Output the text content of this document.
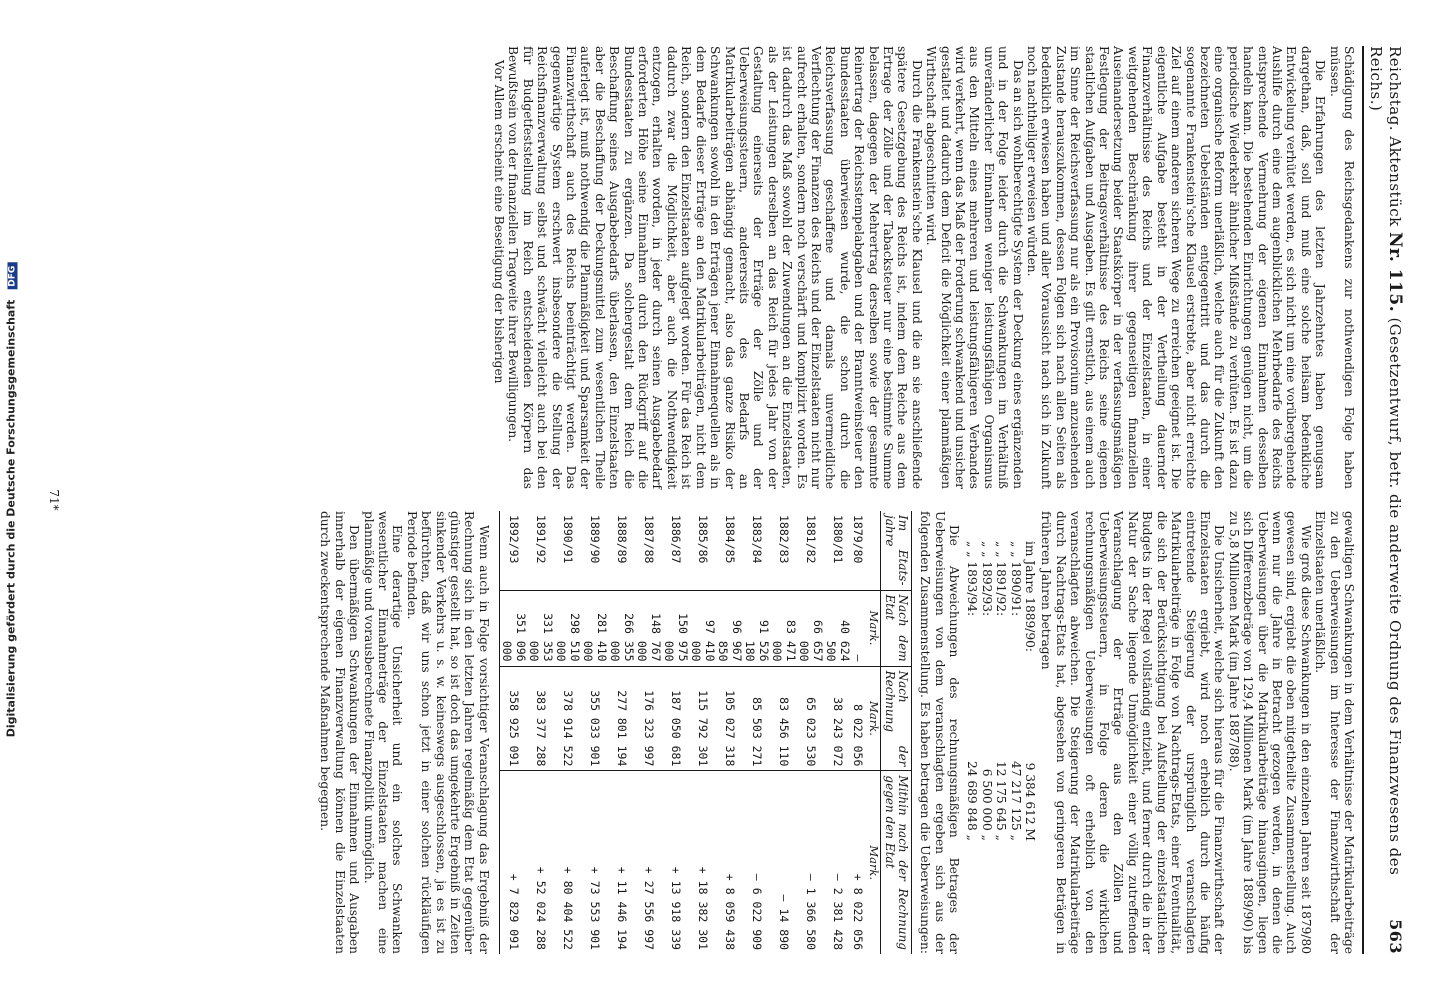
Digitalisierung gefördert durch die Deutsche Forschungsgemeinschaft DFG
Reichstag. Aktenstück Nr. 115. (Gesetzentwurf, betr. die anderweite Ordnung des Finanzwesens des Reichs.)
563

Schädigung des Reichsgedankens zur nothwendigen Folge haben müssen.

Die Erfahrungen des letzten Jahrzehntes haben genugsam dargethan, daß, soll und muß eine solche heilsam bedenkliche Entwickelung verhütet werden, es sich nicht um eine vorübergehende Aushilfe durch eine dem augenblicklichen Mehrbedarfe des Reichs entsprechende Vermehrung der eigenen Einnahmen desselben handeln kann. Die bestehenden Einrichtungen genügen nicht, um die periodische Wiederkehr ähnlicher Mißstände zu verhüten. Es ist dazu eine organische Reform unerläßlich, welche auch für die Zukunft den bezeichneten Uebelständen entgegentritt und das durch die sogenannte Frankenstein'sche Klausel erstrebte, aber nicht erreichte Ziel auf einem anderen sicheren Wege zu erreichen geeignet ist. Die eigentliche Aufgabe besteht in der Vertheilung dauernder Finanzverhältnisse des Reichs und der Einzelstaaten, in einer weitgehenden Beschränkung ihrer gegenseitigen finanziellen Auseinandersetzung beider Staatskörper in der verfassungsmäßigen Festlegung der Beitragsverhältnisse des Reichs seine eigenen staatlichen Aufgaben und Ausgaben. Es gilt ernstlich, aus einem auch im Sinne der Reichsverfassung nur als ein Provisorium anzusehenden Zustande herauszukommen, dessen Folgen sich nach allen Seiten als bedenklich erwiesen haben und aller Voraussicht nach sich in Zukunft noch nachtheiliger erweisen würden.

Das an sich wohlberechtigte System der Deckung eines ergänzenden und in der Folge leider durch die Schwankungen im Verhältniß unveränderlicher Einnahmen weniger leistungsfähigen Organismus aus den Mitteln eines mehreren und leistungsfähigeren Verbandes wird verkehrt, wenn das Maß der Forderung schwankend und unsicher gestaltet und dadurch dem Deficit die Möglichkeit einer planmäßigen Wirthschaft abgeschnitten wird.

Durch die Frankenstein'sche Klausel und die an sie anschließende spätere Gesetzgebung des Reichs ist, indem dem Reiche aus dem Ertrage der Zölle und der Tabacksteuer nur eine bestimmte Summe belassen, dagegen der Mehrertrag derselben sowie der gesammte Reinertrag der Reichsstempelabgaben und der Branntweinsteuer den Bundesstaaten überwiesen wurde, die schon durch die Reichsverfassung geschaffene und damals unvermeidliche Verflechtung der Finanzen des Reichs und der Einzelstaaten nicht nur aufrecht erhalten, sondern noch verschärft und komplizirt worden. Es ist dadurch das Maß sowohl der Zuwendungen an die Einzelstaaten, als der Leistungen derselben an das Reich für jedes Jahr von der Gestaltung einerseits der Erträge der Zölle und der Ueberweisungssteuern, andererseits des Bedarfs an Matrikularbeiträgen abhängig gemacht, also das ganze Risiko der Schwankungen sowohl in den Erträgen jener Einnahmequellen als in dem Bedarfe dieser Erträge an den Matrikularbeiträgen, nicht dem Reich, sondern den Einzelstaaten aufgelegt worden. Für das Reich ist dadurch zwar die Möglichkeit, aber auch die Nothwendigkeit entzogen, erhalten worden, in jeder durch seinen Ausgabebedarf erforderten Höhe seine Einnahmen durch den Rückgriff auf die Bundesstaaten zu ergänzen. Da solchergestalt dem Reich die Beschaffung seines Ausgabebedarfs überlassen, den Einzelstaaten aber die Beschaffung der Deckungsmittel zum wesentlichen Theile auferlegt ist, muß nothwendig die Planmäßigkeit und Sparsamkeit der Finanzwirthschaft auch des Reichs beeinträchtigt werden. Das gegenwärtige System erschwert insbesondere die Stellung der Reichsfinanzverwaltung selbst und schwächt vielleicht auch bei den für Budgetfeststellung im Reich entscheidenden Körpern das Bewußtsein von der finanziellen Tragweite ihrer Bewilligungen.

Vor Allem erscheint eine Beseitigung der bisherigen

gewaltigen Schwankungen in dem Verhältnisse der Matrikularbeiträge zu den Ueberweisungen im Interesse der Finanzwirthschaft der Einzelstaaten unerläßlich.

Wie groß diese Schwankungen in den einzelnen Jahren seit 1879/80 gewesen sind, ergiebt die oben mitgetheilte Zusammenstellung. Auch wenn nur die Jahre in Betracht gezogen werden, in denen die Ueberweisungen über die Matrikularbeiträge hinausgingen, liegen sich Differenzbeträge von 129,4 Millionen Mark (im Jahre 1889/90) bis zu 5,8 Millionen Mark (im Jahre 1887/88).

Die Unsicherheit, welche sich hieraus für die Finanzwirthschaft der Einzelstaaten ergiebt, wird noch erheblich durch die häufig eintretende Steigerung der ursprünglich veranschlagten Matrikularbeiträge in Folge von Nachtrags-Etats, einer Eventualität, die sich der Berücksichtigung bei Aufstellung der einzelstaatlichen Budgets in der Regel vollständig entzieht, und ferner durch die in der Natur der Sache liegende Unmöglichkeit einer völlig zutreffenden Veranschlagung der Erträge aus den Zöllen und Ueberweisungssteuern, in Folge deren die wirklichen rechnungsmäßigen Ueberweisungen oft erheblich von den veranschlagten abweichen. Die Steigerung der Matrikularbeiträge durch Nachtrags-Etats hat, abgesehen von geringeren Beträgen in früheren Jahren betragen

im Jahre 1889/90:
9 384 612 M
„ „ 1890/91:
47 217 125 „
„ „ 1891/92:
12 175 645 „
„ „ 1892/93:
6 500 000 „
„ „ 1893/94:
24 689 848 „

Die Abweichungen des rechnungsmäßigen Betrages der Ueberweisungen von dem veranschlagten ergeben sich aus der folgenden Zusammenstellung. Es haben betragen die Ueberweisungen:

Im Etats-jahre	Nach dem Etat	Nach der Rechnung	Mithin nach der Rechnung gegen den Etat
	Mark.	Mark.	Mark.
1879/80	—	8 022 056	+8 022 056
1880/81	40 624 500	38 243 072	—2 381 428
1881/82	66 657 000	65 023 530	—1 366 580
1882/83	83 471 000	83 456 110	—14 890
1883/84	91 526 180	85 503 271	—6 022 909
1884/85	96 967 850	105 027 318	+8 059 438
1885/86	97 410 000	115 792 301	+18 382 301
1886/87	150 975 000	187 050 681	+13 918 339
1887/88	148 767 000	176 323 997	+27 556 997
1888/89	266 355 000	277 801 194	+11 446 194
1889/90	281 410 000	355 033 901	+73 553 901
1890/91	298 510 000	378 914 522	+80 404 522
1891/92	331 353 000	383 377 288	+52 024 288
1892/93	351 096 000	358 925 091	+7 829 091

Wenn auch in Folge vorsichtiger Veranschlagung das Ergebniß der Rechnung sich in den letzten Jahren regelmäßig dem Etat gegenüber günstiger gestellt hat, so ist doch das umgekehrte Ergebniß in Zeiten sinkender Verkehrs u. s. w. keineswegs ausgeschlossen, ja es ist zu befürchten, daß wir uns schon jetzt in einer solchen rückläufigen Periode befinden.

Eine derartige Unsicherheit und ein solches Schwanken wesentlicher Einnahmeträge der Einzelstaaten machen eine planmäßige und vorausberechnete Finanzpolitik unmöglich.

Den übermäßigen Schwankungen der Einnahmen und Ausgaben innerhalb der eigenen Finanzverwaltung können die Einzelstaaten durch zweckentsprechende Maßnahmen begegnen.

71*
